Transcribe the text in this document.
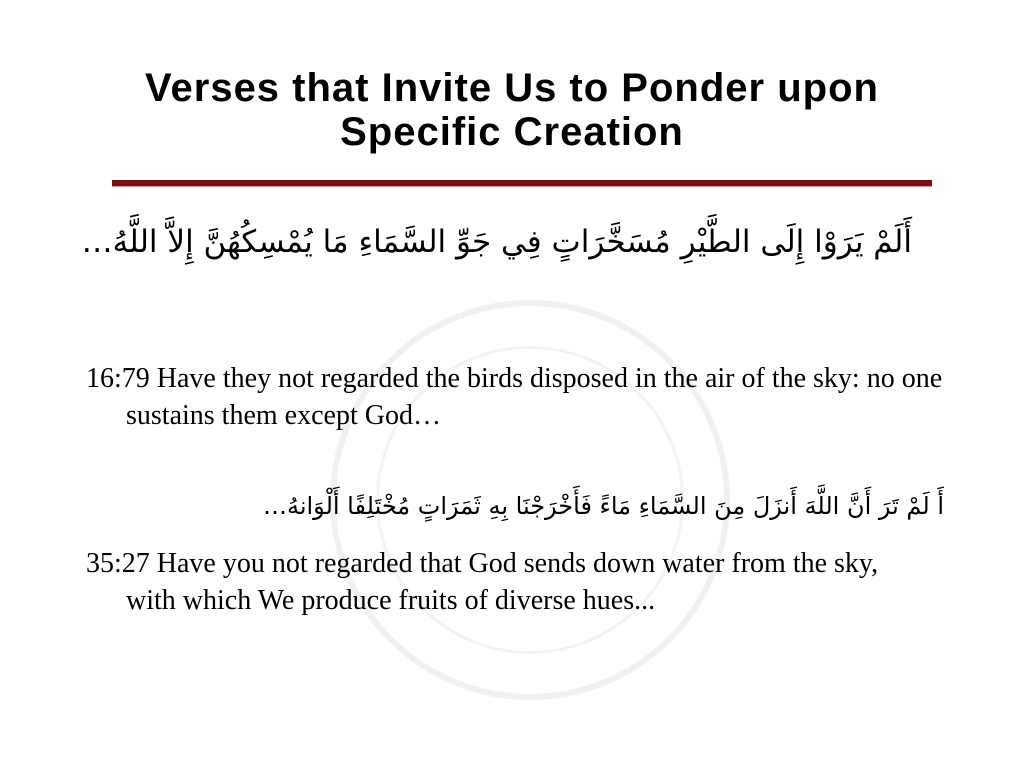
Verses that Invite Us to Ponder upon Specific Creation
أَلَمْ يَرَوْا إِلَى الطَّيْرِ مُسَخَّرَاتٍ فِي جَوِّ السَّمَاءِ مَا يُمْسِكُهُنَّ إِلاَّ اللَّهُ…
16:79 Have they not regarded the birds disposed in the air of the sky: no one sustains them except God…
أَ لَمْ تَرَ أَنَّ اللَّهَ أَنزَلَ مِنَ السَّمَاءِ مَاءً فَأَخْرَجْنَا بِهِ ثَمَرَاتٍ مُخْتَلِفًا أَلْوَانهُ…
35:27 Have you not regarded that God sends down water from the sky, with which We produce fruits of diverse hues...
